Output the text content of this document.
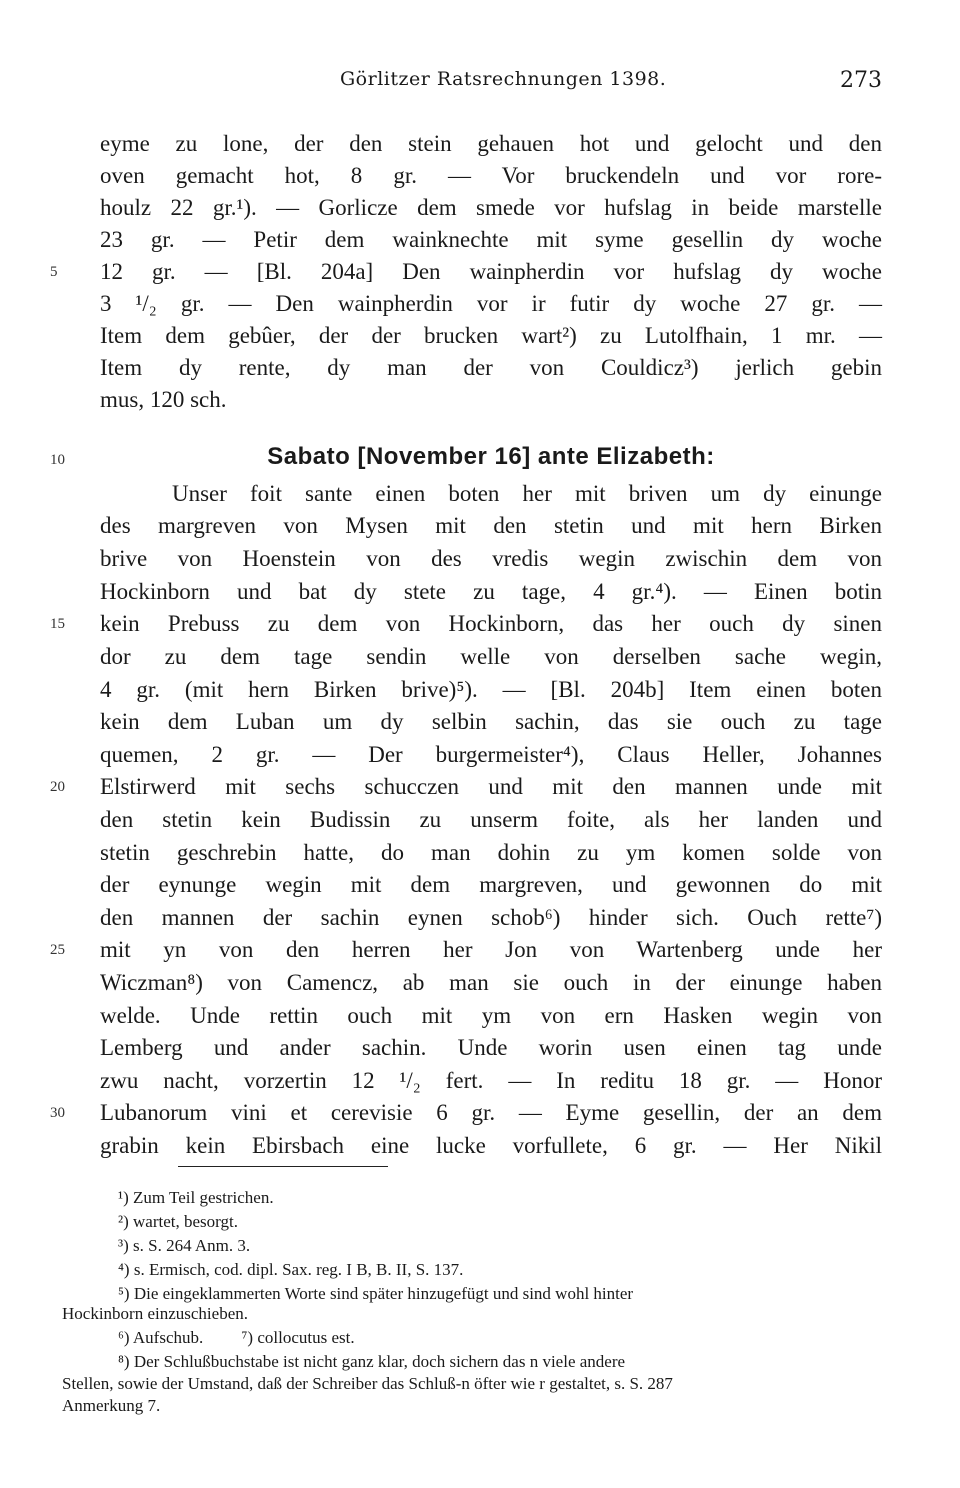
Görlitzer Ratsrechnungen 1398.	273
eyme zu lone, der den stein gehauen hot und gelocht und den
oven gemacht hot, 8 gr. — Vor bruckendeln und vor rore-
houlz 22 gr.¹). — Gorlicze dem smede vor hufslag in beide marstelle
23 gr. — Petir dem wainknechte mit syme gesellin dy woche
12 gr. — [Bl. 204a] Den wainpherdin vor hufslag dy woche
3 ¹/₂ gr. — Den wainpherdin vor ir futir dy woche 27 gr. —
Item dem gebûer, der der brucken wart²) zu Lutolfhain, 1 mr. —
Item dy rente, dy man der von Couldicz³) jerlich gebin
mus, 120 sch.
Sabato [November 16] ante Elizabeth:
Unser foit sante einen boten her mit briven um dy einunge
des margreven von Mysen mit den stetin und mit hern Birken
brive von Hoenstein von des vredis wegin zwischin dem von
Hockinborn und bat dy stete zu tage, 4 gr.⁴). — Einen botin
kein Prebuss zu dem von Hockinborn, das her ouch dy sinen
dor zu dem tage sendin welle von derselben sache wegin,
4 gr. (mit hern Birken brive)⁵). — [Bl. 204b] Item einen boten
kein dem Luban um dy selbin sachin, das sie ouch zu tage
quemen, 2 gr. — Der burgermeister⁴), Claus Heller, Johannes
Elstirwerd mit sechs schucczen und mit den mannen unde mit
den stetin kein Budissin zu unserm foite, als her landen und
stetin geschrebin hatte, do man dohin zu ym komen solde von
der eynunge wegin mit dem margreven, und gewonnen do mit
den mannen der sachin eynen schob⁶) hinder sich. Ouch rette⁷)
mit yn von den herren her Jon von Wartenberg unde her
Wiczman⁸) von Camencz, ab man sie ouch in der einunge haben
welde. Unde rettin ouch mit ym von ern Hasken wegin von
Lemberg und ander sachin. Unde worin usen einen tag unde
zwu nacht, vorzertin 12 ¹/₂ fert. — In reditu 18 gr. — Honor
Lubanorum vini et cerevisie 6 gr. — Eyme gesellin, der an dem
grabin kein Ebirsbach eine lucke vorfullete, 6 gr. — Her Nikil
5
10
15
20
25
30
¹) Zum Teil gestrichen.
²) wartet, besorgt.
³) s. S. 264 Anm. 3.
⁴) s. Ermisch, cod. dipl. Sax. reg. I B, B. II, S. 137.
⁵) Die eingeklammerten Worte sind später hinzugefügt und sind wohl hinter
Hockinborn einzuschieben.
⁶) Aufschub.         ⁷) collocutus est.
⁸) Der Schlußbuchstabe ist nicht ganz klar, doch sichern das n viele andere
Stellen, sowie der Umstand, daß der Schreiber das Schluß-n öfter wie r gestaltet, s. S. 287
Anmerkung 7.
